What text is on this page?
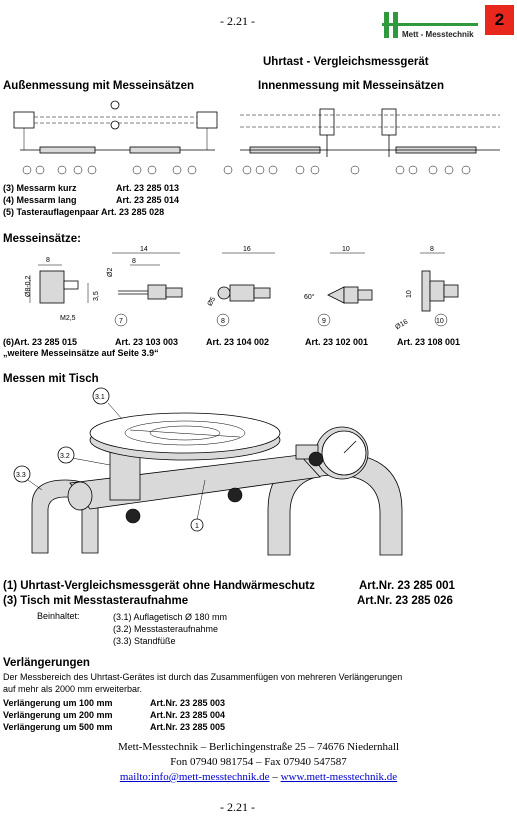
- 2.21 -
Mett - Messtechnik
2
Uhrtast - Vergleichsmessgerät
Außenmessung mit Messeinsätzen	Innenmessung mit Messeinsätzen
(3) Messarm kurz	Art. 23 285 013
(4) Messarm lang	Art. 23 285 014
(5) Tasterauflagenpaar Art. 23 285 028
Messeinsätze:
8
Ø8-0,2	3,5
M2,5
14
8
Ø2
7
16
Ø5
8
10
60°
9
8
10
Ø16	10
(6)Art. 23 285 015	Art. 23 103 003	Art. 23 104 002	Art. 23 102 001	Art. 23 108 001
„weitere Messeinsätze auf Seite 3.9“
Messen mit Tisch
3.1
3.2
3.3
1
(1) Uhrtast-Vergleichsmessgerät ohne Handwärmeschutz	Art.Nr. 23 285 001
(3) Tisch mit Messtasteraufnahme	Art.Nr. 23 285 026
Beinhaltet:	(3.1) Auflagetisch Ø 180 mm
(3.2) Messtasteraufnahme
(3.3) Standfüße
Verlängerungen
Der Messbereich des Uhrtast-Gerätes ist durch das Zusammenfügen von mehreren Verlängerungen
auf mehr als 2000 mm erweiterbar.
Verlängerung um 100 mm	Art.Nr. 23 285 003
Verlängerung um 200 mm	Art.Nr. 23 285 004
Verlängerung um 500 mm	Art.Nr. 23 285 005
Mett-Messtechnik – Berlichingenstraße 25 – 74676 Niedernhall
Fon 07940 981754 – Fax 07940 547587
mailto:info@mett-messtechnik.de – www.mett-messtechnik.de
- 2.21 -
